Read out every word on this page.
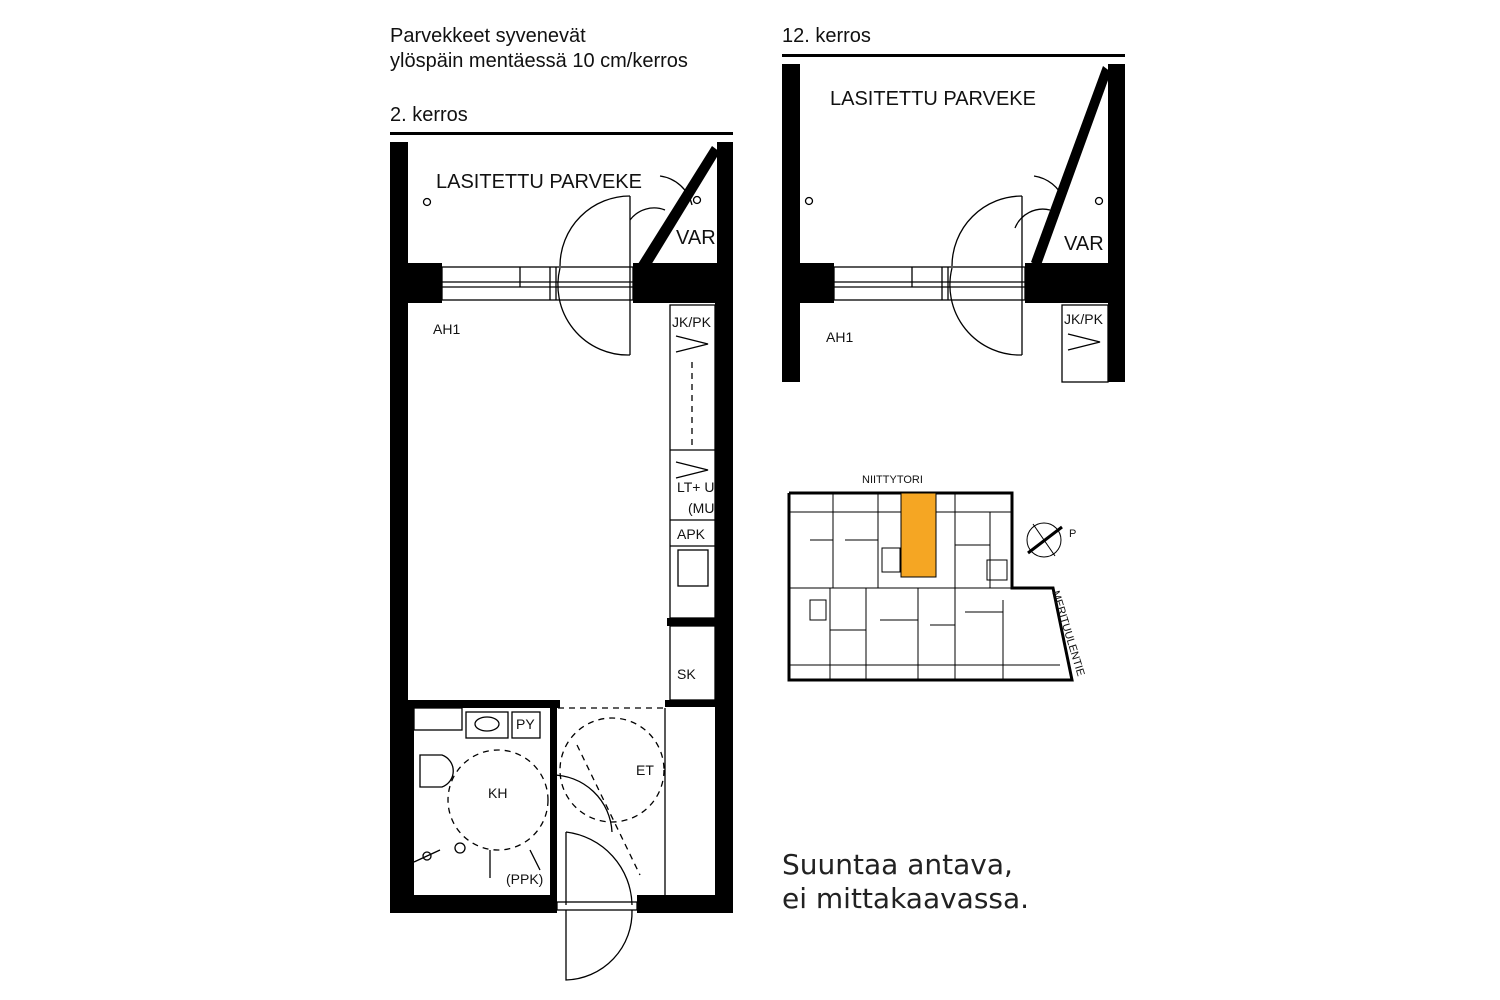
Parvekkeet syvenevät
ylöspäin mentäessä 10 cm/kerros
2. kerros
12. kerros
LASITETTU PARVEKE
VAR
AH1	JK/PK
LT+ U
(MU
APK
SK
PY
KH
ET
(PPK)
LASITETTU PARVEKE
VAR
AH1
JK/PK
NIITTYTORI
P
MERITUULENTIE
Suuntaa antava,
ei mittakaavassa.
